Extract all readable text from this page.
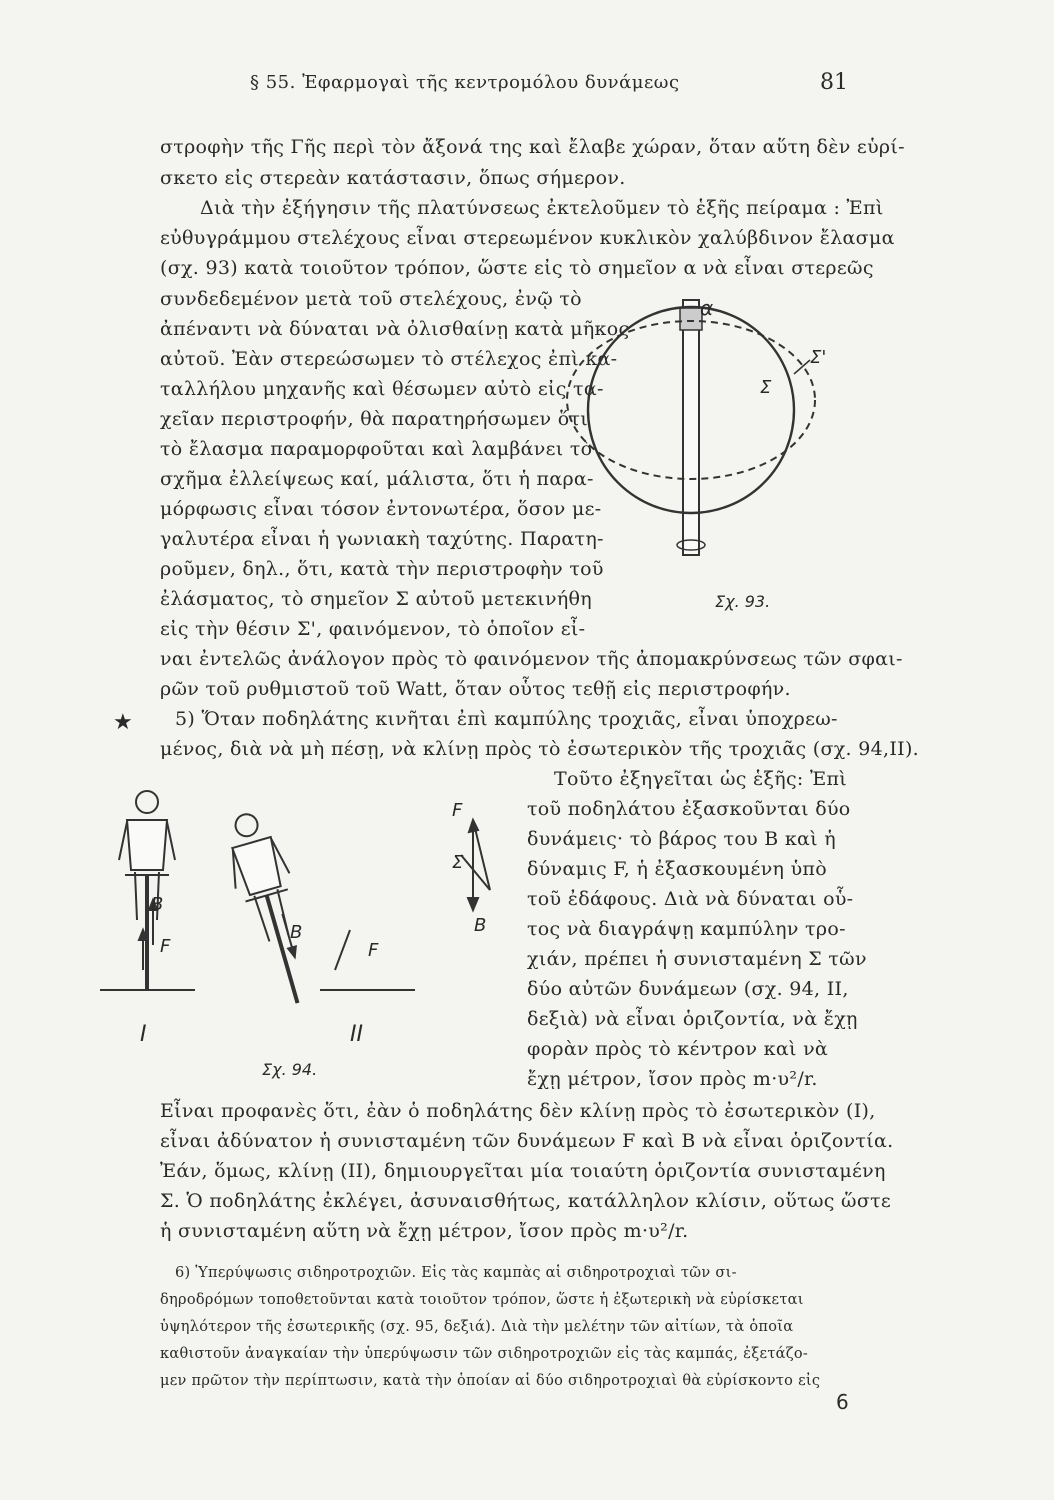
§ 55. Ἐφαρμογαὶ τῆς κεντρομόλου δυνάμεως	81
στροφὴν τῆς Γῆς περὶ τὸν ἄξονά της καὶ ἔλαβε χώραν, ὅταν αὕτη δὲν εὑρί-
σκετο εἰς στερεὰν κατάστασιν, ὅπως σήμερον.
Διὰ τὴν ἐξήγησιν τῆς πλατύνσεως ἐκτελοῦμεν τὸ ἑξῆς πείραμα : Ἐπὶ
εὐθυγράμμου στελέχους εἶναι στερεωμένον κυκλικὸν χαλύβδινον ἔλασμα
(σχ. 93) κατὰ τοιοῦτον τρόπον, ὥστε εἰς τὸ σημεῖον α νὰ εἶναι στερεῶς
συνδεδεμένον μετὰ τοῦ στελέχους, ἐνῷ τὸ
ἀπέναντι νὰ δύναται νὰ ὀλισθαίνῃ κατὰ μῆκος
αὐτοῦ. Ἐὰν στερεώσωμεν τὸ στέλεχος ἐπὶ κα-
ταλλήλου μηχανῆς καὶ θέσωμεν αὐτὸ εἰς τα-
χεῖαν περιστροφήν, θὰ παρατηρήσωμεν ὅτι
τὸ ἔλασμα παραμορφοῦται καὶ λαμβάνει τὸ
σχῆμα ἐλλείψεως καί, μάλιστα, ὅτι ἡ παρα-
μόρφωσις εἶναι τόσον ἐντονωτέρα, ὅσον με-
γαλυτέρα εἶναι ἡ γωνιακὴ ταχύτης. Παρατη-
ροῦμεν, δηλ., ὅτι, κατὰ τὴν περιστροφὴν τοῦ
ἐλάσματος, τὸ σημεῖον Σ αὐτοῦ μετεκινήθη
εἰς τὴν θέσιν Σ', φαινόμενον, τὸ ὁποῖον εἶ-
α
Σ
Σ'
Σχ. 93.
ναι ἐντελῶς ἀνάλογον πρὸς τὸ φαινόμενον τῆς ἀπομακρύνσεως τῶν σφαι-
ρῶν τοῦ ρυθμιστοῦ τοῦ Watt, ὅταν οὗτος τεθῇ εἰς περιστροφήν.
★ 5) Ὅταν ποδηλάτης κινῆται ἐπὶ καμπύλης τροχιᾶς, εἶναι ὑποχρεω-
μένος, διὰ νὰ μὴ πέσῃ, νὰ κλίνῃ πρὸς τὸ ἐσωτερικὸν τῆς τροχιᾶς (σχ. 94,II).
Τοῦτο ἐξηγεῖται ὡς ἑξῆς: Ἐπὶ
τοῦ ποδηλάτου ἐξασκοῦνται δύο
δυνάμεις· τὸ βάρος του B καὶ ἡ
δύναμις F, ἡ ἐξασκουμένη ὑπὸ
τοῦ ἐδάφους. Διὰ νὰ δύναται οὗ-
τος νὰ διαγράψῃ καμπύλην τρο-
χιάν, πρέπει ἡ συνισταμένη Σ τῶν
δύο αὐτῶν δυνάμεων (σχ. 94, II,
δεξιὰ) νὰ εἶναι ὁριζοντία, νὰ ἔχῃ
φορὰν πρὸς τὸ κέντρον καὶ νὰ
ἔχῃ μέτρον, ἴσον πρὸς m·υ²/r.
B
F
B
F
F
Σ
B
I	II
Σχ. 94.
Εἶναι προφανὲς ὅτι, ἐὰν ὁ ποδηλάτης δὲν κλίνῃ πρὸς τὸ ἐσωτερικὸν (I),
εἶναι ἀδύνατον ἡ συνισταμένη τῶν δυνάμεων F καὶ B νὰ εἶναι ὁριζοντία.
Ἐάν, ὅμως, κλίνῃ (II), δημιουργεῖται μία τοιαύτη ὁριζοντία συνισταμένη
Σ. Ὁ ποδηλάτης ἐκλέγει, ἀσυναισθήτως, κατάλληλον κλίσιν, οὕτως ὥστε
ἡ συνισταμένη αὕτη νὰ ἔχῃ μέτρον, ἴσον πρὸς m·υ²/r.
6) Ὑπερύψωσις σιδηροτροχιῶν. Εἰς τὰς καμπὰς αἱ σιδηροτροχιαὶ τῶν σι-
δηροδρόμων τοποθετοῦνται κατὰ τοιοῦτον τρόπον, ὥστε ἡ ἐξωτερικὴ νὰ εὑρίσκεται
ὑψηλότερον τῆς ἐσωτερικῆς (σχ. 95, δεξιά). Διὰ τὴν μελέτην τῶν αἰτίων, τὰ ὁποῖα
καθιστοῦν ἀναγκαίαν τὴν ὑπερύψωσιν τῶν σιδηροτροχιῶν εἰς τὰς καμπάς, ἐξετάζο-
μεν πρῶτον τὴν περίπτωσιν, κατὰ τὴν ὁποίαν αἱ δύο σιδηροτροχιαὶ θὰ εὑρίσκοντο εἰς
6
